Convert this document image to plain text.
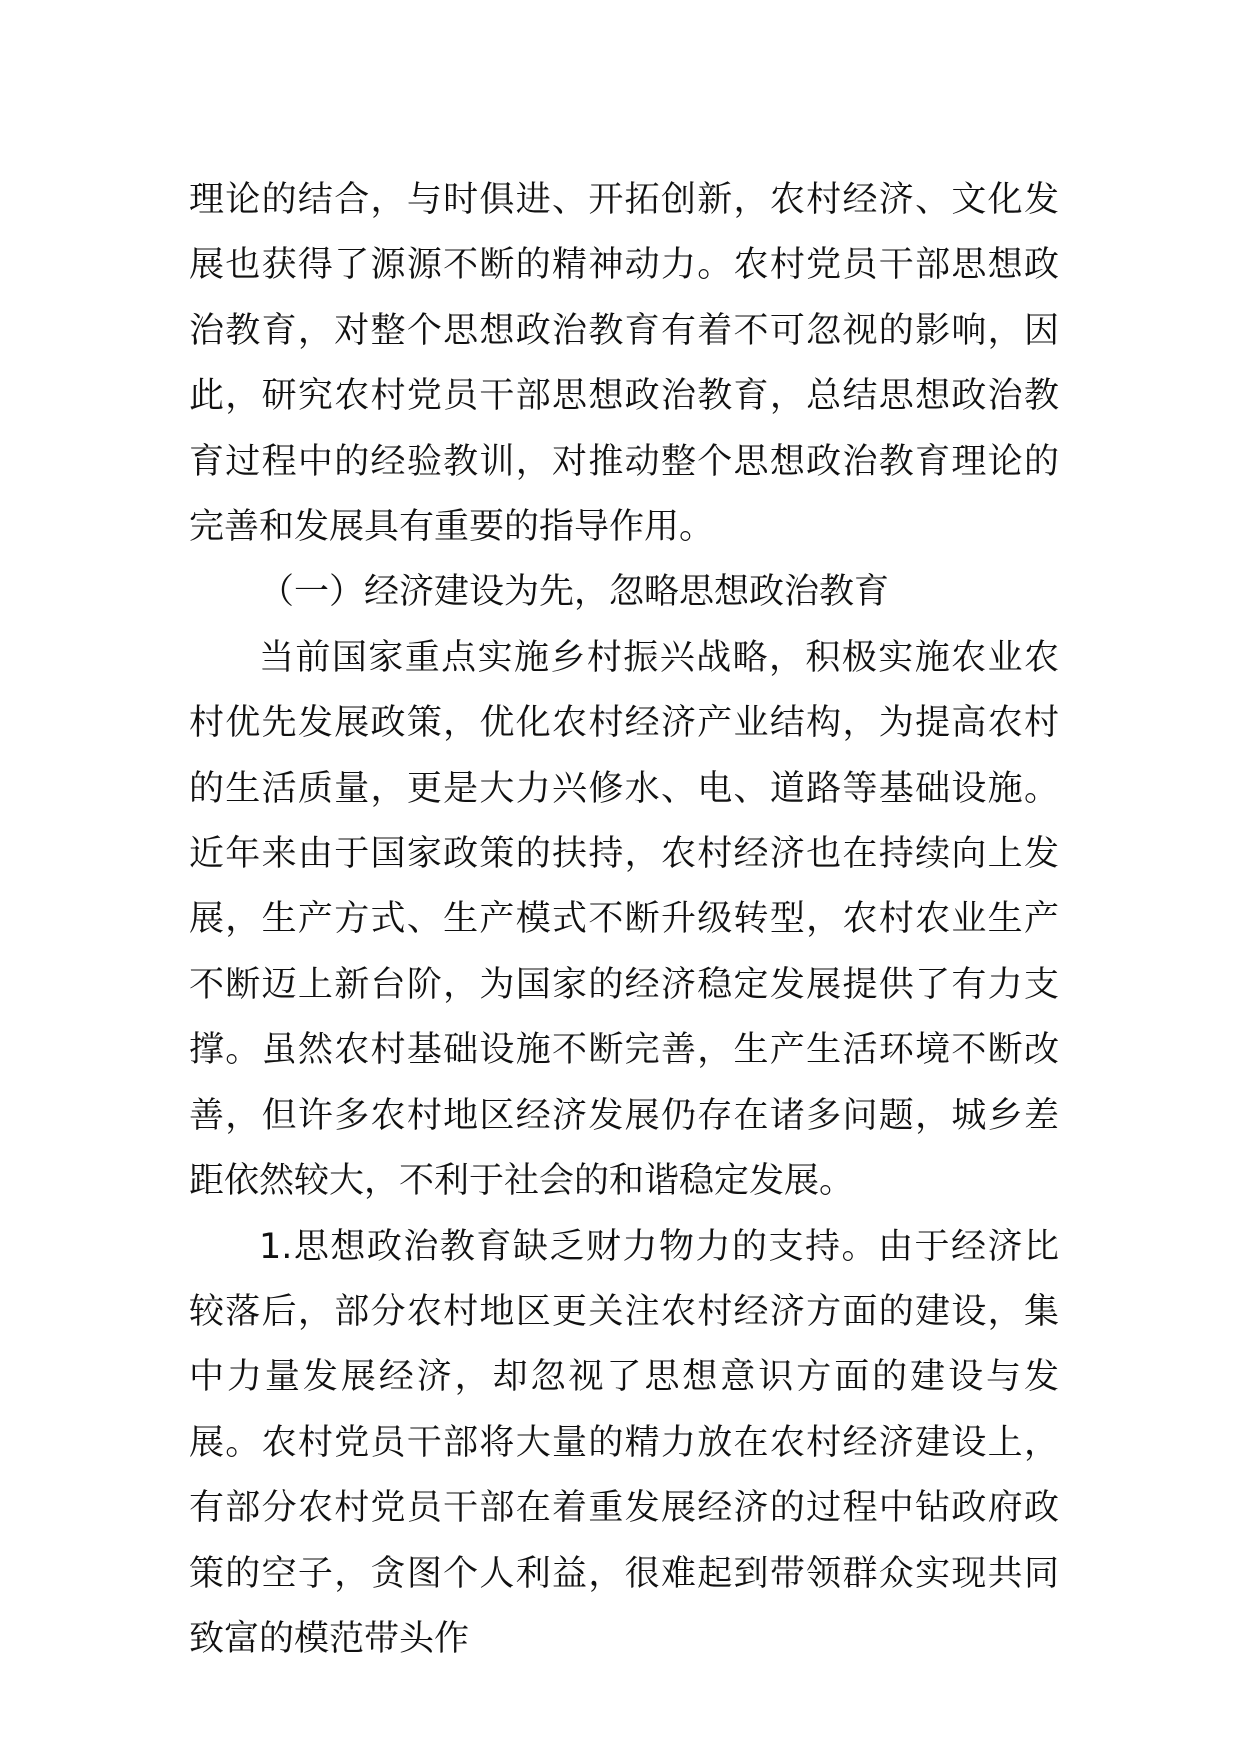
理论的结合，与时俱进、开拓创新，农村经济、文化发展也获得了源源不断的精神动力。农村党员干部思想政治教育，对整个思想政治教育有着不可忽视的影响，因此，研究农村党员干部思想政治教育，总结思想政治教育过程中的经验教训，对推动整个思想政治教育理论的完善和发展具有重要的指导作用。

（一）经济建设为先，忽略思想政治教育

当前国家重点实施乡村振兴战略，积极实施农业农村优先发展政策，优化农村经济产业结构，为提高农村的生活质量，更是大力兴修水、电、道路等基础设施。近年来由于国家政策的扶持，农村经济也在持续向上发展，生产方式、生产模式不断升级转型，农村农业生产不断迈上新台阶，为国家的经济稳定发展提供了有力支撑。虽然农村基础设施不断完善，生产生活环境不断改善，但许多农村地区经济发展仍存在诸多问题，城乡差距依然较大，不利于社会的和谐稳定发展。

1.思想政治教育缺乏财力物力的支持。由于经济比较落后，部分农村地区更关注农村经济方面的建设，集中力量发展经济，却忽视了思想意识方面的建设与发展。农村党员干部将大量的精力放在农村经济建设上，有部分农村党员干部在着重发展经济的过程中钻政府政策的空子，贪图个人利益，很难起到带领群众实现共同致富的模范带头作
